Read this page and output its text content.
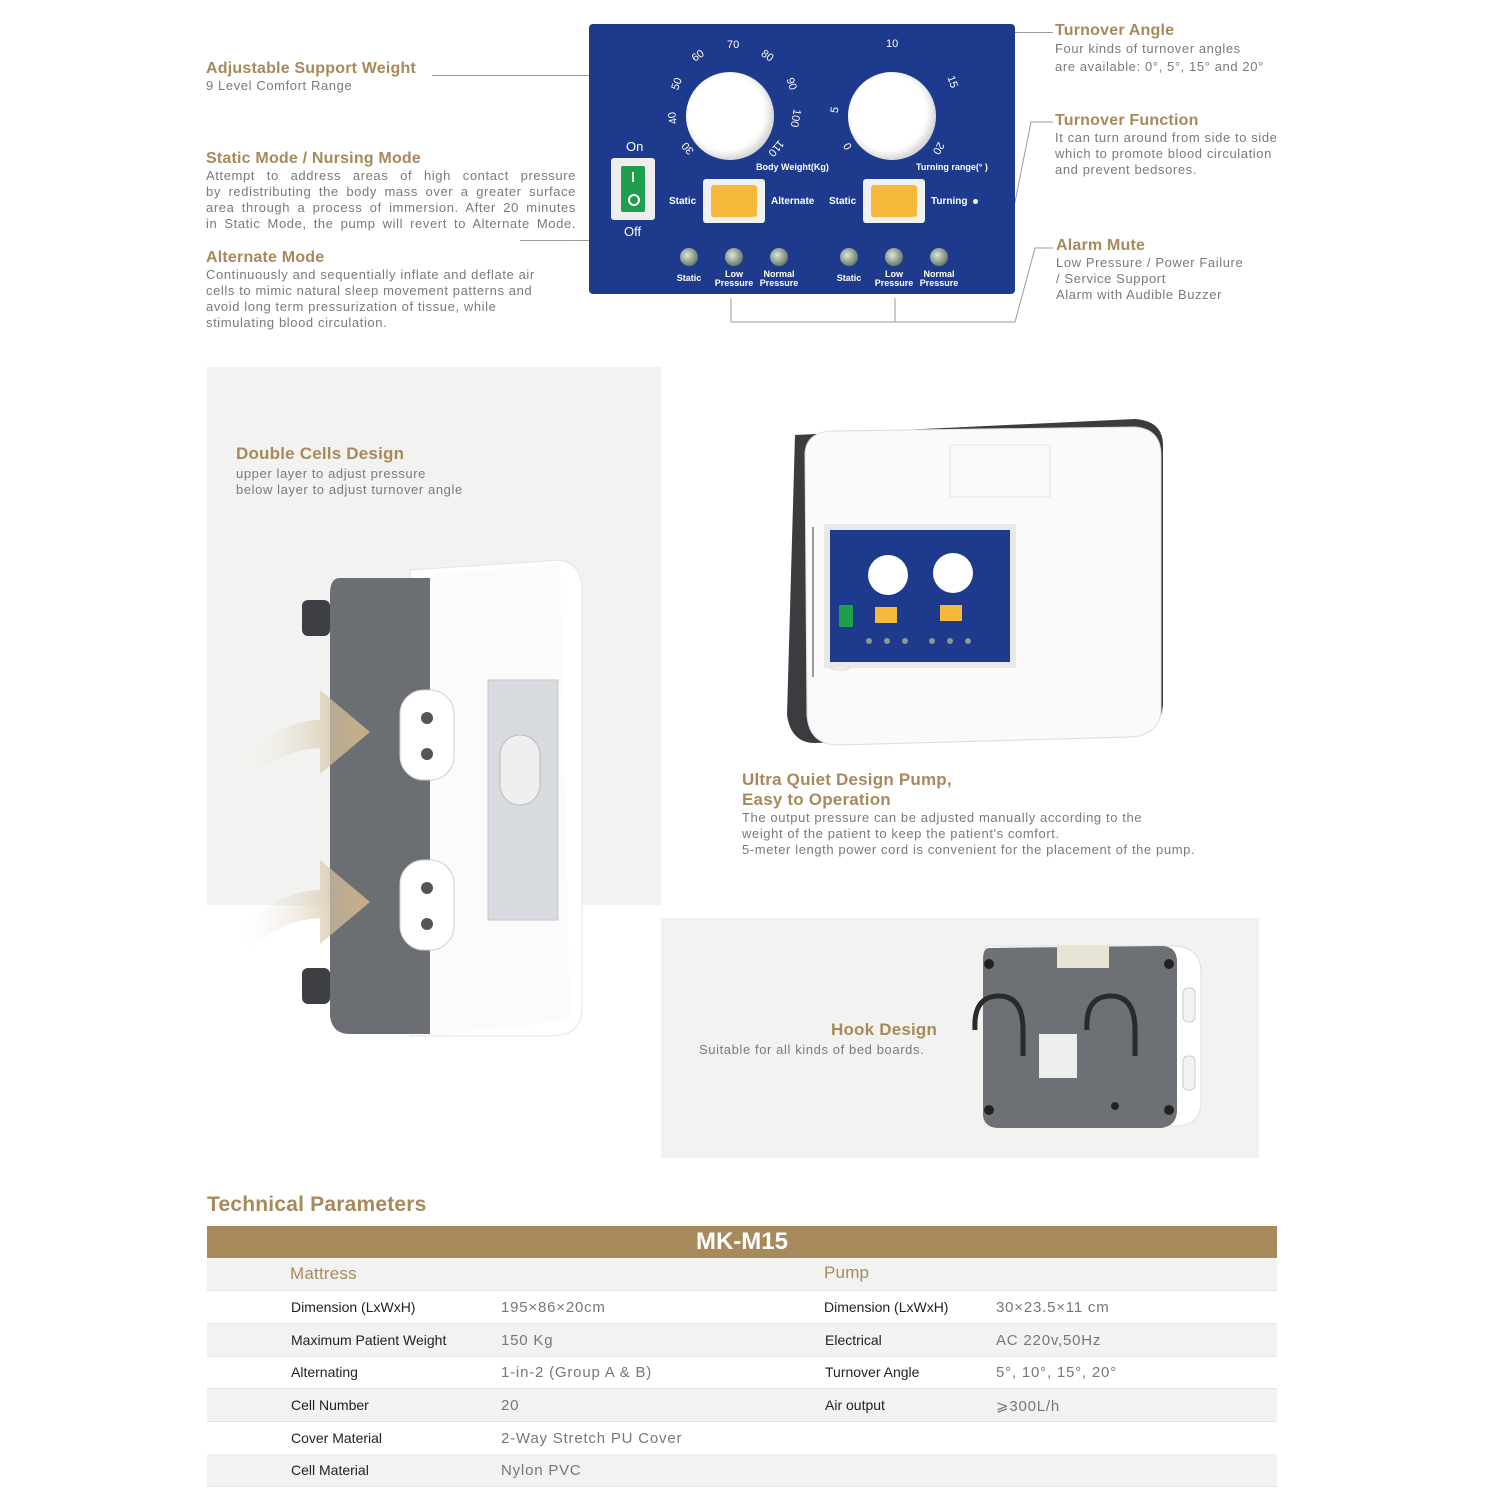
Adjustable Support Weight
9 Level Comfort Range
Static Mode / Nursing Mode
Attempt to address areas of high contact pressure
by redistributing the body mass over a greater surface
area through a process of immersion. After 20 minutes
in Static Mode, the pump will revert to Alternate Mode.
Alternate Mode
Continuously and sequentially inflate and deflate air
cells to mimic natural sleep movement patterns and
avoid long term pressurization of tissue, while
stimulating blood circulation.
Turnover Angle
Four kinds of turnover angles
are available: 0°, 5°, 15° and 20°
Turnover Function
It can turn around from side to side
which to promote blood circulation
and prevent bedsores.
Alarm Mute
Low Pressure / Power Failure
/ Service Support
Alarm with Audible Buzzer
On
Off
30
40
50
60
70
80
90
100
110
Body Weight(Kg)
0
5
10
15
20
Turning range(° )
Static	Alternate Static	Turning
Static	Low
Pressure
Normal
Pressure	Static	Low
Pressure
Normal
Pressure
Double Cells Design
upper layer to adjust pressure
below layer to adjust turnover angle
Ultra Quiet Design Pump,
Easy to Operation
The output pressure can be adjusted manually according to the
weight of the patient to keep the patient's comfort.
5-meter length power cord is convenient for the placement of the pump.
Hook Design
Suitable for all kinds of bed boards.
Technical Parameters
MK-M15
Mattress	Pump
Dimension (LxWxH)	195×86×20cm	Dimension (LxWxH)	30×23.5×11 cm
Maximum Patient Weight	150 Kg	Electrical	AC 220v,50Hz
Alternating	1-in-2 (Group A & B)	Turnover Angle	5°, 10°, 15°, 20°
Cell Number	20	Air output	⩾300L/h
Cover Material	2-Way Stretch PU Cover
Cell Material	Nylon PVC
